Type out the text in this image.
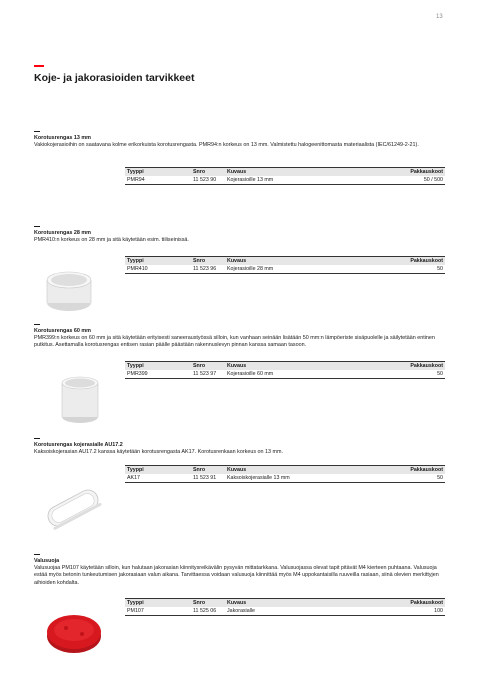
13
Koje- ja jakorasioiden tarvikkeet
Korotusrengas 13 mm
Vakiokojerasioihin on saatavana kolme erikorkuista korotusrengasta. PMR94:n korkeus on 13 mm. Valmistettu halogeenittomasta materiaalista (IEC/61249-2-21).
Tyyppi	Snro	Kuvaus	Pakkauskoot
PMR94	11 523 90	Kojerasioille 13 mm	50 / 500
Korotusrengas 28 mm
PMR410:n korkeus on 28 mm ja sitä käytetään esim. tiiliseinissä.
Tyyppi	Snro	Kuvaus	Pakkauskoot
PMR410	11 523 96	Kojerasioille 28 mm	50
Korotusrengas 60 mm
PMR399:n korkeus on 60 mm ja sitä käytetään erityisesti saneeraustyössä silloin, kun vanhaan seinään lisätään 50 mm:n lämpöeriste sisäpuolelle ja säilytetään entinen putkitus. Asettamalla korotusrengas entisen rasian päälle päästään rakennuslevyn pinnan kanssa samaan tasoon.
Tyyppi	Snro	Kuvaus	Pakkauskoot
PMR399	11 523 97	Kojerasioille 60 mm	50
Korotusrengas kojerasialle AU17.2
Kaksoiskojerasian AU17.2 kanssa käytetään korotusrengasta AK17. Korotusrenkaan korkeus on 13 mm.
Tyyppi	Snro	Kuvaus	Pakkauskoot
AK17	11 523 91	Kaksoiskojerasialle 13 mm	50
Valusuoja
Valusuojaa PM107 käytetään silloin, kun halutaan jakorasian kiinnitysreikävälin pysyvän mittatarkkana. Valusuojassa olevat tapit pitävät M4 kierteen puhtaana. Valusuoja estää myös betonin tunkeutumisen jakorasiaan valun aikana. Tarvittaessa voidaan valusuoja kiinnittää myös M4 uppokantaisilla ruuveilla rasiaan, siinä olevien merkittyjen aihioiden kohdalta.
Tyyppi	Snro	Kuvaus	Pakkauskoot
PM107	11 525 06	Jakorasialle	100
